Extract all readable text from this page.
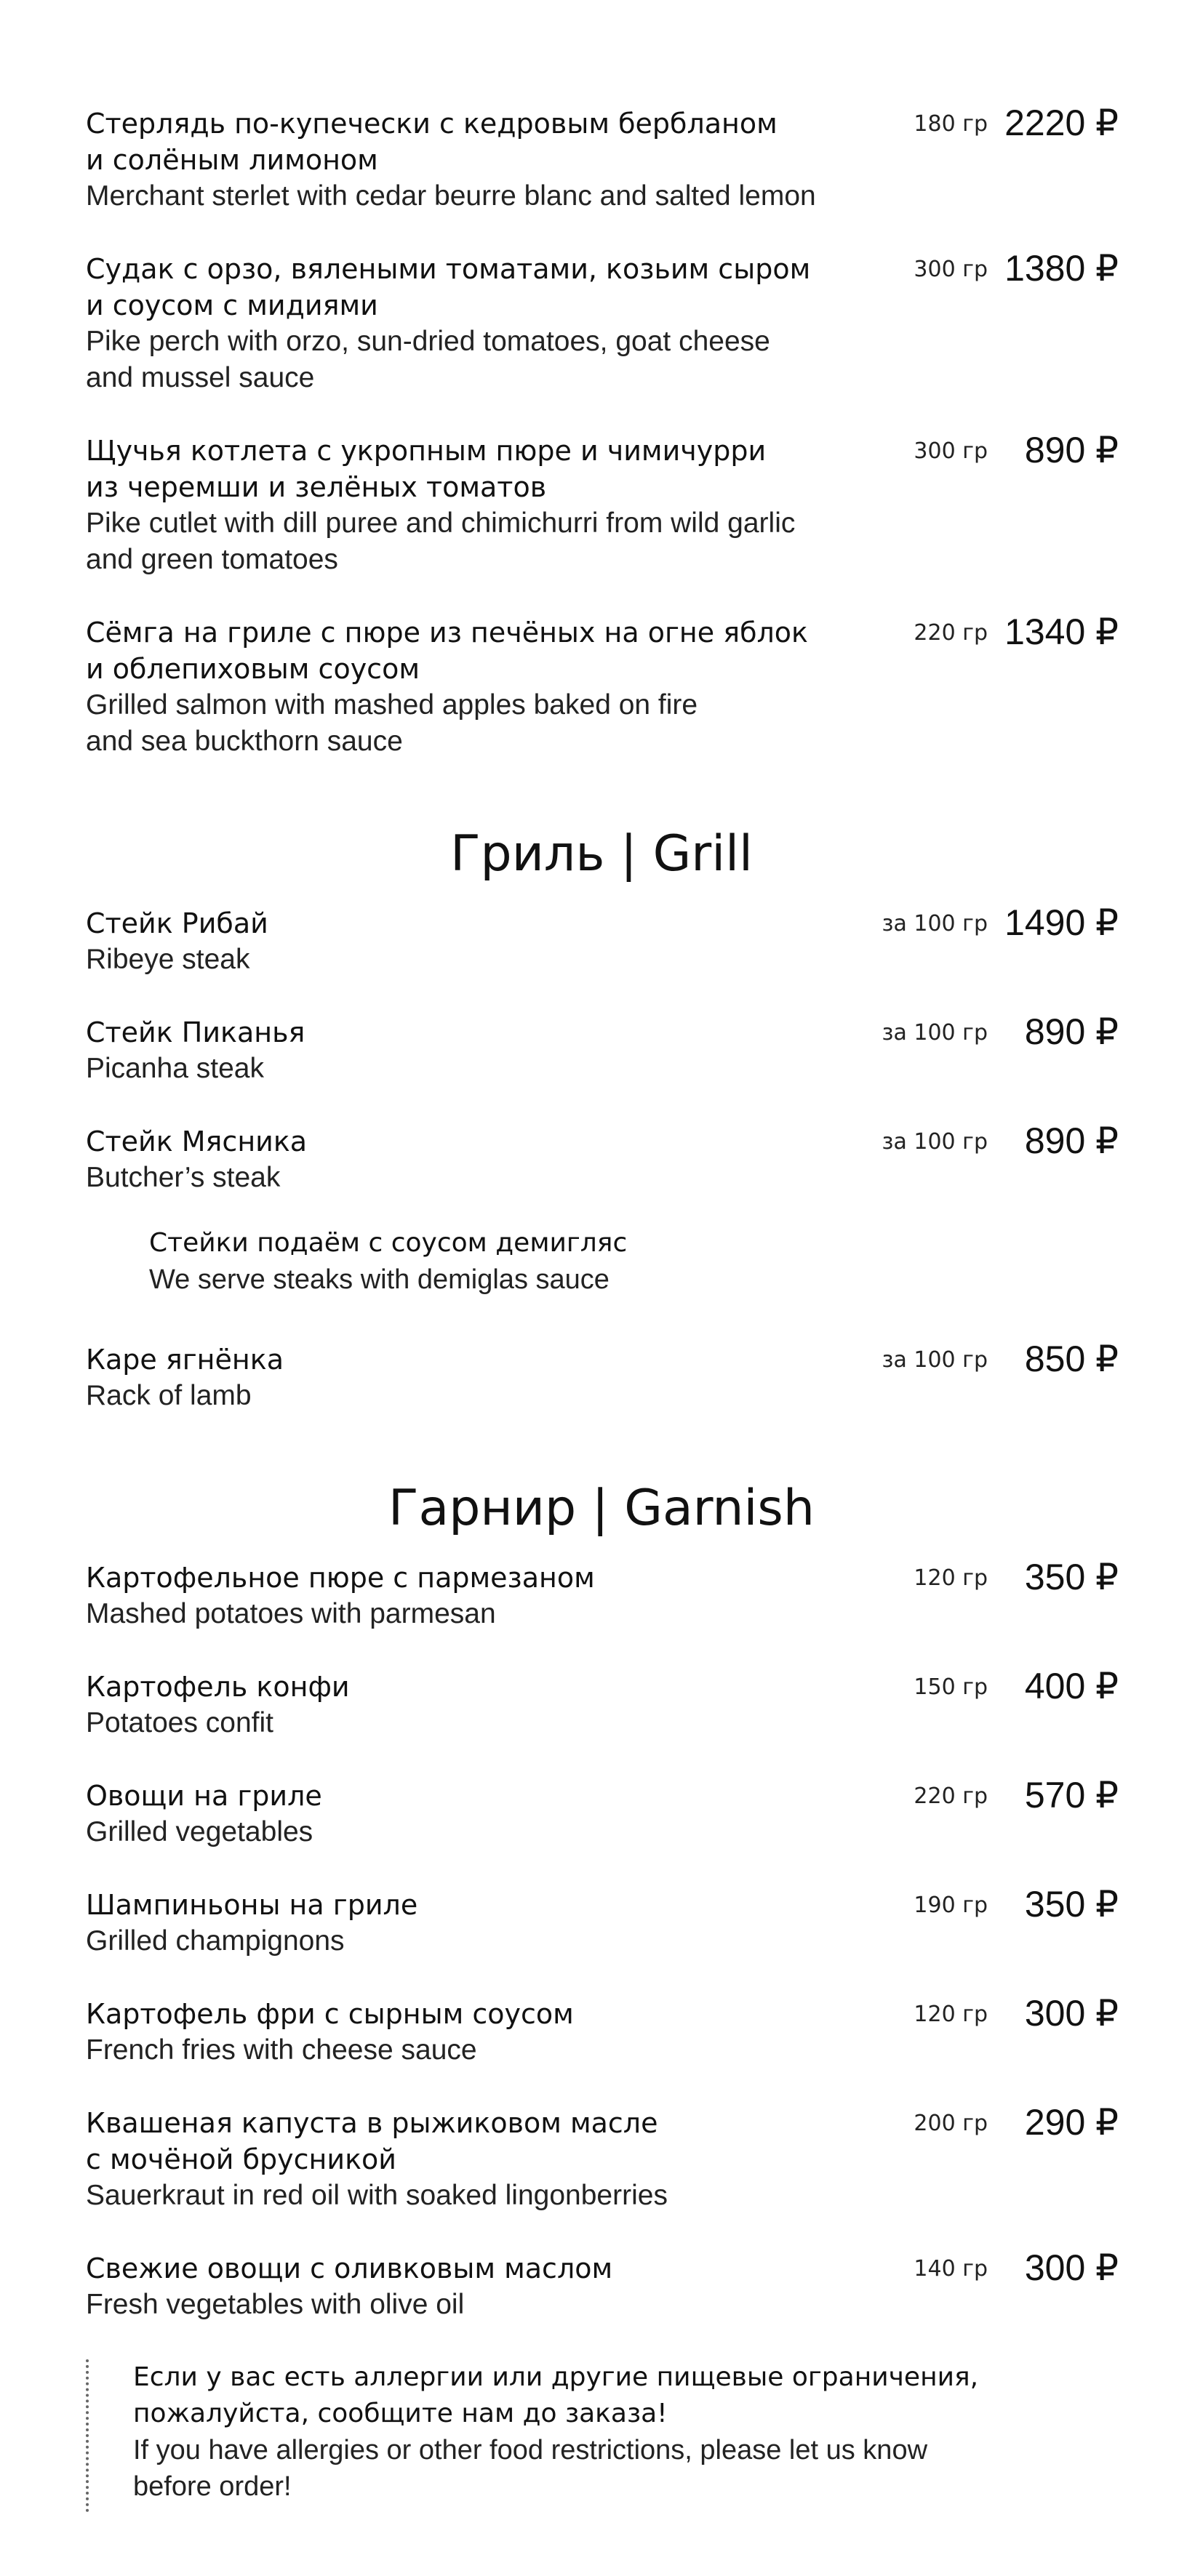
Стерлядь по-купечески с кедровым бербланом
и солёным лимоном
Merchant sterlet with cedar beurre blanc and salted lemon
180 гр 2220 ₽
Судак с орзо, вялеными томатами, козьим сыром
и соусом с мидиями
Pike perch with orzo, sun-dried tomatoes, goat cheese
and mussel sauce
300 гр 1380 ₽
Щучья котлета с укропным пюре и чимичурри
из черемши и зелёных томатов
Pike cutlet with dill puree and chimichurri from wild garlic
and green tomatoes
300 гр 890 ₽
Сёмга на гриле с пюре из печёных на огне яблок
и облепиховым соусом
Grilled salmon with mashed apples baked on fire
and sea buckthorn sauce
220 гр 1340 ₽
Гриль | Grill
Стейк Рибай
Ribeye steak
за 100 гр 1490 ₽
Стейк Пиканья
Picanha steak
за 100 гр 890 ₽
Стейк Мясника
Butcher’s steak
за 100 гр 890 ₽
Стейки подаём с соусом демигляс
We serve steaks with demiglas sauce
Каре ягнёнка
Rack of lamb
за 100 гр 850 ₽
Гарнир | Garnish
Картофельное пюре с пармезаном
Mashed potatoes with parmesan
120 гр 350 ₽
Картофель конфи
Potatoes confit
150 гр 400 ₽
Овощи на гриле
Grilled vegetables
220 гр 570 ₽
Шампиньоны на гриле
Grilled champignons
190 гр 350 ₽
Картофель фри с сырным соусом
French fries with cheese sauce
120 гр 300 ₽
Квашеная капуста в рыжиковом масле
с мочёной брусникой
Sauerkraut in red oil with soaked lingonberries
200 гр 290 ₽
Свежие овощи с оливковым маслом
Fresh vegetables with olive oil
140 гр 300 ₽
Если у вас есть аллергии или другие пищевые ограничения,
пожалуйста, сообщите нам до заказа!
If you have allergies or other food restrictions, please let us know
before order!
